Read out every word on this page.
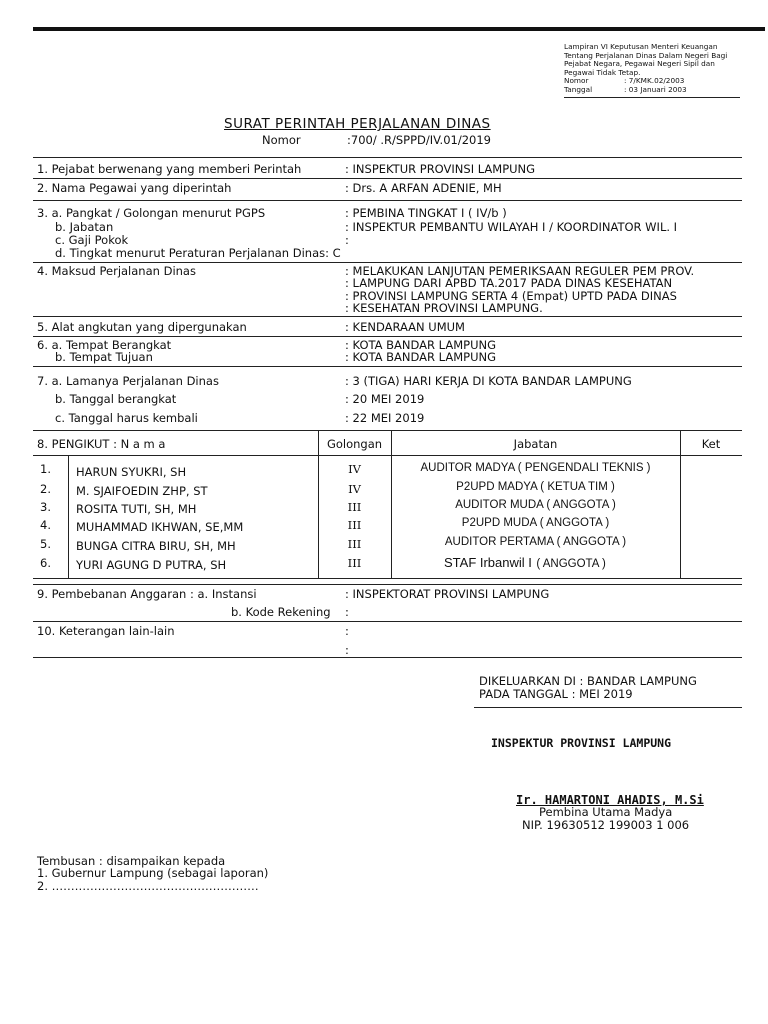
Lampiran VI Keputusan Menteri Keuangan
Tentang Perjalanan Dinas Dalam Negeri Bagi
Pejabat Negara, Pegawai Negeri Sipil dan
Pegawai Tidak Tetap.
Nomor	: 7/KMK.02/2003
Tanggal	: 03 Januari 2003
SURAT PERINTAH PERJALANAN DINAS
Nomor	:700/ .R/SPPD/IV.01/2019
1. Pejabat berwenang yang memberi Perintah	: INSPEKTUR PROVINSI LAMPUNG
2. Nama Pegawai yang diperintah	: Drs. A ARFAN ADENIE, MH
3. a. Pangkat / Golongan menurut PGPS	: PEMBINA TINGKAT I ( IV/b )
b. Jabatan	: INSPEKTUR PEMBANTU WILAYAH I / KOORDINATOR WIL. I
c. Gaji Pokok	:
d. Tingkat menurut Peraturan Perjalanan Dinas: C
4. Maksud Perjalanan Dinas	: MELAKUKAN LANJUTAN PEMERIKSAAN REGULER PEM PROV.
: LAMPUNG DARI APBD TA.2017 PADA DINAS KESEHATAN
: PROVINSI LAMPUNG SERTA 4 (Empat) UPTD PADA DINAS
: KESEHATAN PROVINSI LAMPUNG.
5. Alat angkutan yang dipergunakan	: KENDARAAN UMUM
6. a. Tempat Berangkat	: KOTA BANDAR LAMPUNG
b. Tempat Tujuan	: KOTA BANDAR LAMPUNG
7. a. Lamanya Perjalanan Dinas	: 3 (TIGA) HARI KERJA DI KOTA BANDAR LAMPUNG
b. Tanggal berangkat	: 20 MEI 2019
c. Tanggal harus kembali	: 22 MEI 2019
8. PENGIKUT : N a m a	Golongan	Jabatan	Ket
1. HARUN SYUKRI, SH	IV	AUDITOR MADYA ( PENGENDALI TEKNIS )
2. M. SJAIFOEDIN ZHP, ST	IV	P2UPD MADYA ( KETUA TIM )
3. ROSITA TUTI, SH, MH	III	AUDITOR MUDA ( ANGGOTA )
4. MUHAMMAD IKHWAN, SE,MM	III	P2UPD MUDA ( ANGGOTA )
5. BUNGA CITRA BIRU, SH, MH	III	AUDITOR PERTAMA ( ANGGOTA )
6. YURI AGUNG D PUTRA, SH	III	STAF Irbanwil I ( ANGGOTA )
9. Pembebanan Anggaran : a. Instansi	: INSPEKTORAT PROVINSI LAMPUNG
b. Kode Rekening :
10. Keterangan lain-lain	:
:
DIKELUARKAN DI : BANDAR LAMPUNG
PADA TANGGAL : MEI 2019
INSPEKTUR PROVINSI LAMPUNG
Ir. HAMARTONI AHADIS, M.Si
Pembina Utama Madya
NIP. 19630512 199003 1 006
Tembusan : disampaikan kepada
1. Gubernur Lampung (sebagai laporan)
2. ………………………………………………
